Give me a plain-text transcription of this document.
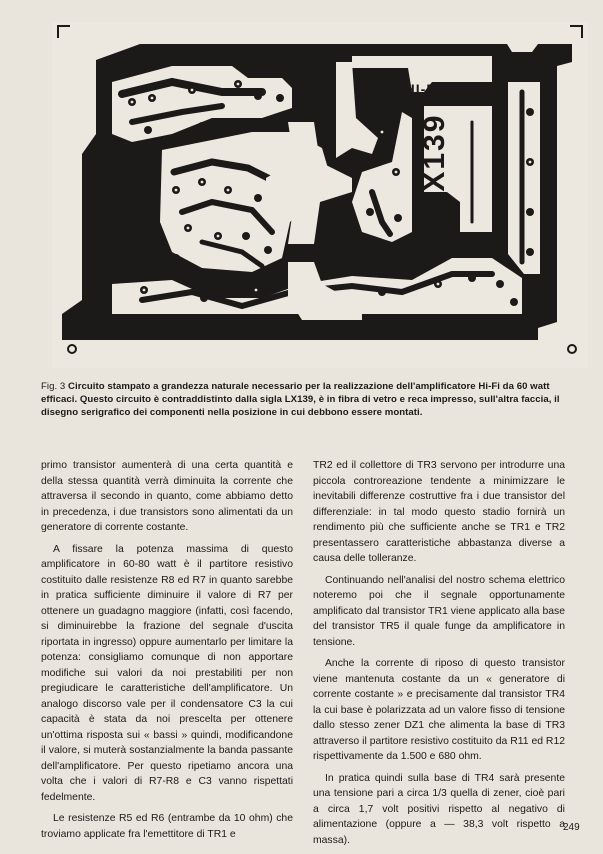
60W HI-FI
LX139
Fig. 3 Circuito stampato a grandezza naturale necessario per la realizzazione dell'amplificatore Hi-Fi da 60 watt efficaci. Questo circuito è contraddistinto dalla sigla LX139, è in fibra di vetro e reca impresso, sull'altra faccia, il disegno serigrafico dei componenti nella posizione in cui debbono essere montati.

primo transistor aumenterà di una certa quantità e della stessa quantità verrà diminuita la corrente che attraversa il secondo in quanto, come abbiamo detto in precedenza, i due transistors sono alimentati da un generatore di corrente costante.

A fissare la potenza massima di questo amplificatore in 60-80 watt è il partitore resistivo costituito dalle resistenze R8 ed R7 in quanto sarebbe in pratica sufficiente diminuire il valore di R7 per ottenere un guadagno maggiore (infatti, così facendo, si diminuirebbe la frazione del segnale d'uscita riportata in ingresso) oppure aumentarlo per limitare la potenza: consigliamo comunque di non apportare modifiche sui valori da noi prestabiliti per non pregiudicare le caratteristiche dell'amplificatore. Un analogo discorso vale per il condensatore C3 la cui capacità è stata da noi prescelta per ottenere un'ottima risposta sui « bassi » quindi, modificandone il valore, si muterà sostanzialmente la banda passante dell'amplificatore. Per questo ripetiamo ancora una volta che i valori di R7-R8 e C3 vanno rispettati fedelmente.

Le resistenze R5 ed R6 (entrambe da 10 ohm) che troviamo applicate fra l'emettitore di TR1 e

TR2 ed il collettore di TR3 servono per introdurre una piccola controreazione tendente a minimizzare le inevitabili differenze costruttive fra i due transistor del differenziale: in tal modo questo stadio fornirà un rendimento più che sufficiente anche se TR1 e TR2 presentassero caratteristiche abbastanza diverse a causa delle tolleranze.

Continuando nell'analisi del nostro schema elettrico noteremo poi che il segnale opportunamente amplificato dal transistor TR1 viene applicato alla base del transistor TR5 il quale funge da amplificatore in tensione.

Anche la corrente di riposo di questo transistor viene mantenuta costante da un « generatore di corrente costante » e precisamente dal transistor TR4 la cui base è polarizzata ad un valore fisso di tensione dallo stesso zener DZ1 che alimenta la base di TR3 attraverso il partitore resistivo costituito da R11 ed R12 rispettivamente da 1.500 e 680 ohm.

In pratica quindi sulla base di TR4 sarà presente una tensione pari a circa 1/3 quella di zener, cioè pari a circa 1,7 volt positivi rispetto al negativo di alimentazione (oppure a — 38,3 volt rispetto a massa).

249
